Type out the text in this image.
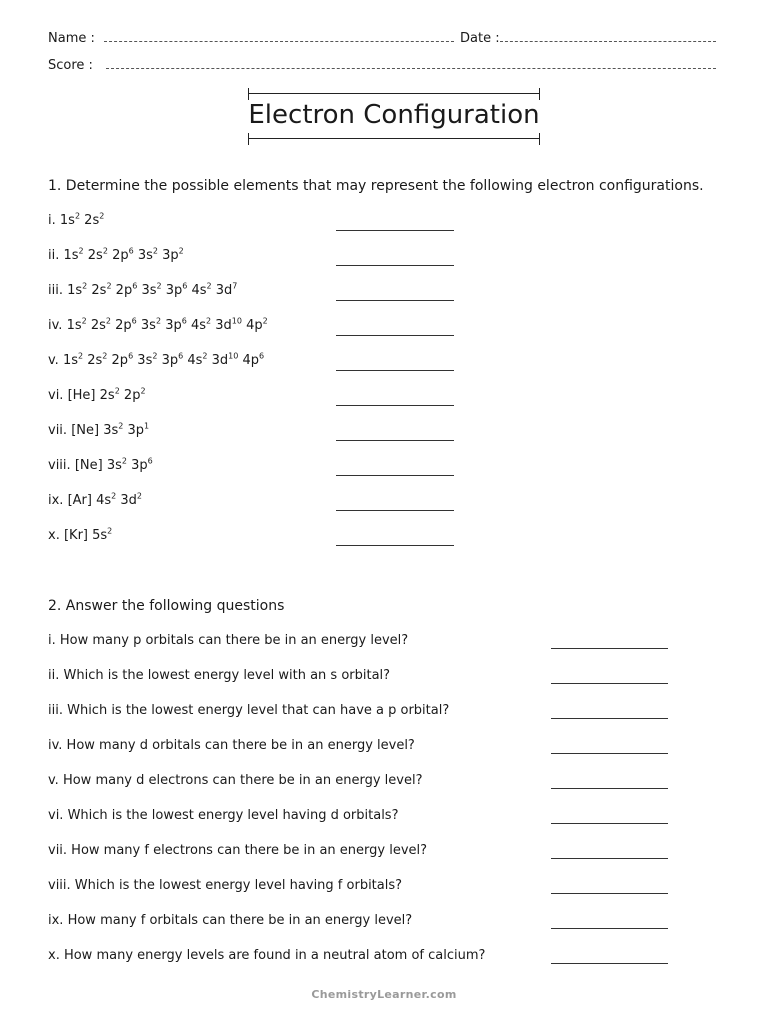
Name :	Date :
Score :
Electron Configuration
1. Determine the possible elements that may represent the following electron configurations.
i. $1s^2$ $2s^2$
ii. $1s^2$ $2s^2$ $2p^6$ $3s^2$ $3p^2$
iii. $1s^2$ $2s^2$ $2p^6$ $3s^2$ $3p^6$ $4s^2$ $3d^7$
iv. $1s^2$ $2s^2$ $2p^6$ $3s^2$ $3p^6$ $4s^2$ $3d^{10}$ $4p^2$
v. $1s^2$ $2s^2$ $2p^6$ $3s^2$ $3p^6$ $4s^2$ $3d^{10}$ $4p^6$
vi. [He] $2s^2$ $2p^2$
vii. [Ne] $3s^2$ $3p^1$
viii. [Ne] $3s^2$ $3p^6$
ix. [Ar] $4s^2$ $3d^2$
x. [Kr] $5s^2$
2. Answer the following questions
i. How many p orbitals can there be in an energy level?
ii. Which is the lowest energy level with an s orbital?
iii. Which is the lowest energy level that can have a p orbital?
iv. How many d orbitals can there be in an energy level?
v. How many d electrons can there be in an energy level?
vi. Which is the lowest energy level having d orbitals?
vii. How many f electrons can there be in an energy level?
viii. Which is the lowest energy level having f orbitals?
ix. How many f orbitals can there be in an energy level?
x. How many energy levels are found in a neutral atom of calcium?
ChemistryLearner.com
